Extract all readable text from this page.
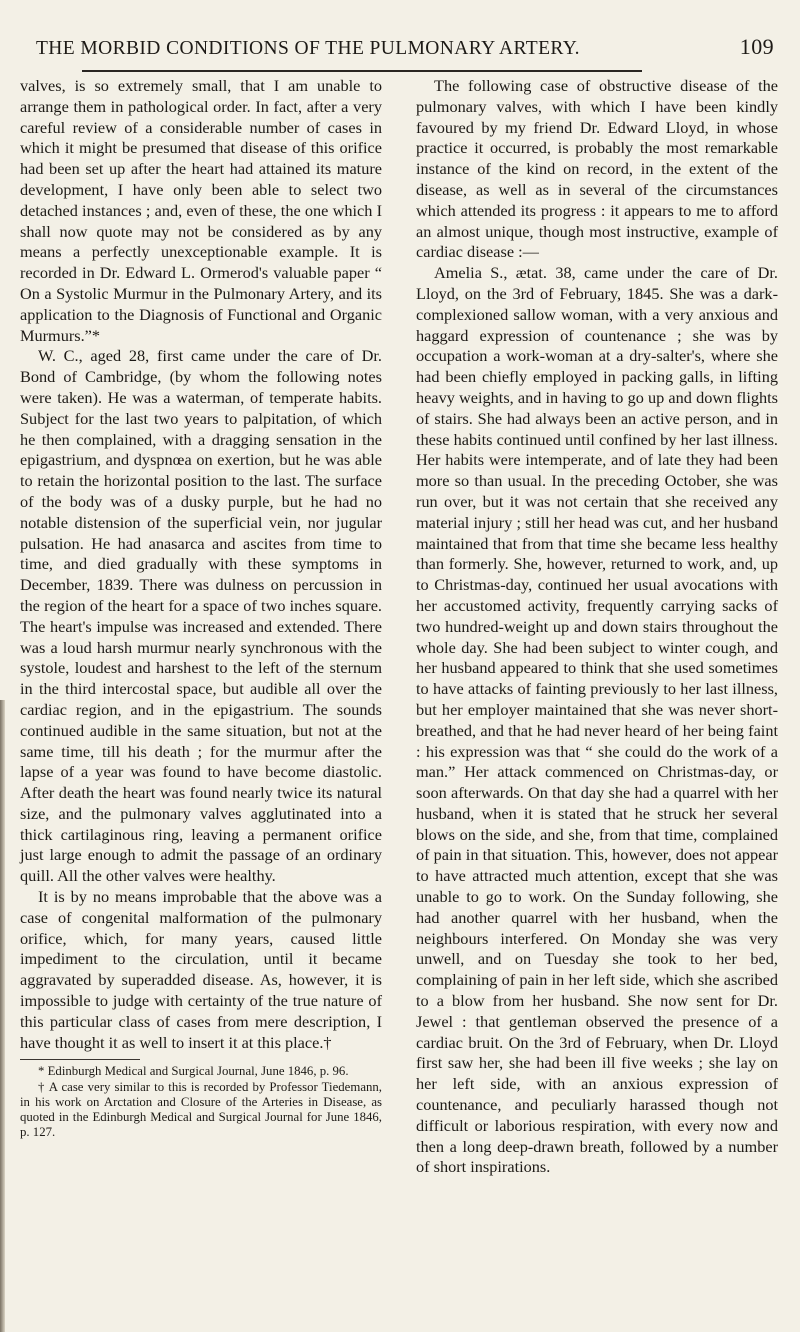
THE MORBID CONDITIONS OF THE PULMONARY ARTERY.	109

valves, is so extremely small, that I am unable to arrange them in pathological order. In fact, after a very careful review of a considerable number of cases in which it might be presumed that disease of this orifice had been set up after the heart had attained its mature development, I have only been able to select two detached instances ; and, even of these, the one which I shall now quote may not be considered as by any means a perfectly unexceptionable example. It is recorded in Dr. Edward L. Ormerod's valuable paper “ On a Systolic Murmur in the Pulmonary Artery, and its application to the Diagnosis of Functional and Organic Murmurs.”*

W. C., aged 28, first came under the care of Dr. Bond of Cambridge, (by whom the following notes were taken). He was a waterman, of temperate habits. Subject for the last two years to palpitation, of which he then complained, with a dragging sensation in the epigastrium, and dyspnœa on exertion, but he was able to retain the horizontal position to the last. The surface of the body was of a dusky purple, but he had no notable distension of the superficial vein, nor jugular pulsation. He had anasarca and ascites from time to time, and died gradually with these symptoms in December, 1839. There was dulness on percussion in the region of the heart for a space of two inches square. The heart's impulse was increased and extended. There was a loud harsh murmur nearly synchronous with the systole, loudest and harshest to the left of the sternum in the third intercostal space, but audible all over the cardiac region, and in the epigastrium. The sounds continued audible in the same situation, but not at the same time, till his death ; for the murmur after the lapse of a year was found to have become diastolic. After death the heart was found nearly twice its natural size, and the pulmonary valves agglutinated into a thick cartilaginous ring, leaving a permanent orifice just large enough to admit the passage of an ordinary quill. All the other valves were healthy.

It is by no means improbable that the above was a case of congenital malformation of the pulmonary orifice, which, for many years, caused little impediment to the circulation, until it became aggravated by superadded disease. As, however, it is impossible to judge with certainty of the true nature of this particular class of cases from mere description, I have thought it as well to insert it at this place.†

* Edinburgh Medical and Surgical Journal, June 1846, p. 96.

† A case very similar to this is recorded by Professor Tiedemann, in his work on Arctation and Closure of the Arteries in Disease, as quoted in the Edinburgh Medical and Surgical Journal for June 1846, p. 127.

The following case of obstructive disease of the pulmonary valves, with which I have been kindly favoured by my friend Dr. Edward Lloyd, in whose practice it occurred, is probably the most remarkable instance of the kind on record, in the extent of the disease, as well as in several of the circumstances which attended its progress : it appears to me to afford an almost unique, though most instructive, example of cardiac disease :—

Amelia S., ætat. 38, came under the care of Dr. Lloyd, on the 3rd of February, 1845. She was a dark-complexioned sallow woman, with a very anxious and haggard expression of countenance ; she was by occupation a work-woman at a dry-salter's, where she had been chiefly employed in packing galls, in lifting heavy weights, and in having to go up and down flights of stairs. She had always been an active person, and in these habits continued until confined by her last illness. Her habits were intemperate, and of late they had been more so than usual. In the preceding October, she was run over, but it was not certain that she received any material injury ; still her head was cut, and her husband maintained that from that time she became less healthy than formerly. She, however, returned to work, and, up to Christmas-day, continued her usual avocations with her accustomed activity, frequently carrying sacks of two hundred-weight up and down stairs throughout the whole day. She had been subject to winter cough, and her husband appeared to think that she used sometimes to have attacks of fainting previously to her last illness, but her employer maintained that she was never short-breathed, and that he had never heard of her being faint : his expression was that “ she could do the work of a man.” Her attack commenced on Christmas-day, or soon afterwards. On that day she had a quarrel with her husband, when it is stated that he struck her several blows on the side, and she, from that time, complained of pain in that situation. This, however, does not appear to have attracted much attention, except that she was unable to go to work. On the Sunday following, she had another quarrel with her husband, when the neighbours interfered. On Monday she was very unwell, and on Tuesday she took to her bed, complaining of pain in her left side, which she ascribed to a blow from her husband. She now sent for Dr. Jewel : that gentleman observed the presence of a cardiac bruit. On the 3rd of February, when Dr. Lloyd first saw her, she had been ill five weeks ; she lay on her left side, with an anxious expression of countenance, and peculiarly harassed though not difficult or laborious respiration, with every now and then a long deep-drawn breath, followed by a number of short inspirations.
